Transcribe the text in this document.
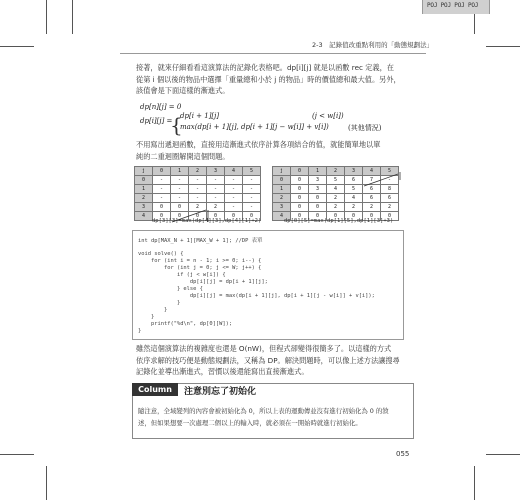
POJ POJ POJ POJ
2-3　記錄值改重點利用的「動態規劃法」
接著，就來仔細看看這演算法的記錄化表格吧。dp[i][j] 就是以函數 rec 定義，在
從第 i 個以後的物品中選擇「重量總和小於 j 的物品」時的價值總和最大值。另外，
該值會是下面這樣的漸進式。
dp[n][j] = 0
dp[i][j] =
{
dp[i + 1][j]	(j < w[i])
max(dp[i + 1][j], dp[i + 1][j − w[i]] + v[i])	(其他情況)
不用寫出遞迴函數，直接用這漸進式依序計算各項結合的值，就能簡單地以單
純的二重迴圈解開這個問題。
j	0	1	2	3	4	5
0	-	-	-	-	-	-
1	-	-	-	-	-	-
2	-	-	-	-	-	-
3	0	0	2	2	-	-
4	0	0	0	0	0	0
dp[3][3]=max(dp[4][3],dp[4][1]+2)
j	0	1	2	3	4	5
0	0	3	5	6	7	-
1	0	3	4	5	6	8
2	0	0	2	4	6	6
3	0	0	2	2	2	2
4	0	0	0	0	0	0
dp[0][5]=max(dp[1][5],dp[1][3]+3)
int dp[MAX_N + 1][MAX_W + 1]; //DP 表單
void solve() {
for (int i = n - 1; i >= 0; i--) {
for (int j = 0; j <= W; j++) {
if (j < w[i]) {
dp[i][j] = dp[i + 1][j];
} else {
dp[i][j] = max(dp[i + 1][j], dp[i + 1][j - w[i]] + v[i]);
}
}
}
printf("%d\n", dp[0][W]);
}
雖然這個演算法的複雜度也還是 O(nW)，但程式卻變得很簡多了。以這樣的方式
依序求解的技巧便是動態規劃法，又稱為 DP。解決問題時，可以像上述方法讓搜尋
記錄化並導出漸進式，習慣以後還能寫出直接漸進式。
Column	注意別忘了初始化
隨注意，全域變列的內容會被初始化為 0，所以上表的運動傳並沒有進行初始化為 0 的敘
述，但如果想要一次處理二個以上的輸入時，就必須在一開始時就進行初始化。
055
